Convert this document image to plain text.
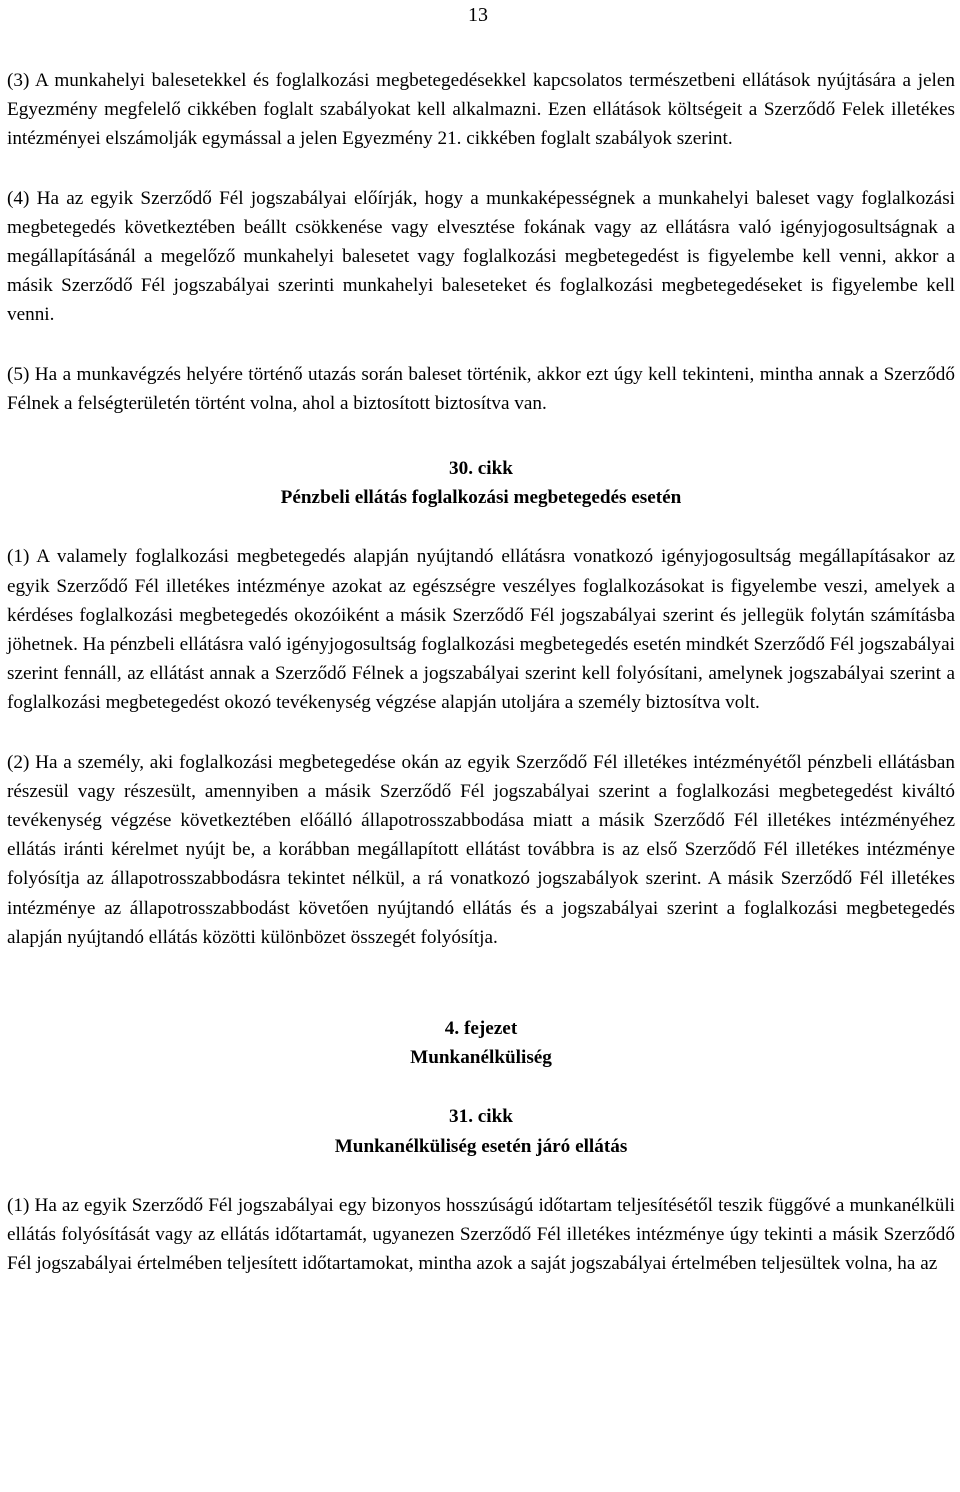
13

(3) A munkahelyi balesetekkel és foglalkozási megbetegedésekkel kapcsolatos természetbeni ellátások nyújtására a jelen Egyezmény megfelelő cikkében foglalt szabályokat kell alkalmazni. Ezen ellátások költségeit a Szerződő Felek illetékes intézményei elszámolják egymással a jelen Egyezmény 21. cikkében foglalt szabályok szerint.

(4) Ha az egyik Szerződő Fél jogszabályai előírják, hogy a munkaképességnek a munkahelyi baleset vagy foglalkozási megbetegedés következtében beállt csökkenése vagy elvesztése fokának vagy az ellátásra való igényjogosultságnak a megállapításánál a megelőző munkahelyi balesetet vagy foglalkozási megbetegedést is figyelembe kell venni, akkor a másik Szerződő Fél jogszabályai szerinti munkahelyi baleseteket és foglalkozási megbetegedéseket is figyelembe kell venni.

(5) Ha a munkavégzés helyére történő utazás során baleset történik, akkor ezt úgy kell tekinteni, mintha annak a Szerződő Félnek a felségterületén történt volna, ahol a biztosított biztosítva van.

30. cikk

Pénzbeli ellátás foglalkozási megbetegedés esetén

(1) A valamely foglalkozási megbetegedés alapján nyújtandó ellátásra vonatkozó igényjogosultság megállapításakor az egyik Szerződő Fél illetékes intézménye azokat az egészségre veszélyes foglalkozásokat is figyelembe veszi, amelyek a kérdéses foglalkozási megbetegedés okozóiként a másik Szerződő Fél jogszabályai szerint és jellegük folytán számításba jöhetnek. Ha pénzbeli ellátásra való igényjogosultság foglalkozási megbetegedés esetén mindkét Szerződő Fél jogszabályai szerint fennáll, az ellátást annak a Szerződő Félnek a jogszabályai szerint kell folyósítani, amelynek jogszabályai szerint a foglalkozási megbetegedést okozó tevékenység végzése alapján utoljára a személy biztosítva volt.

(2) Ha a személy, aki foglalkozási megbetegedése okán az egyik Szerződő Fél illetékes intézményétől pénzbeli ellátásban részesül vagy részesült, amennyiben a másik Szerződő Fél jogszabályai szerint a foglalkozási megbetegedést kiváltó tevékenység végzése következtében előálló állapotrosszabbodása miatt a másik Szerződő Fél illetékes intézményéhez ellátás iránti kérelmet nyújt be, a korábban megállapított ellátást továbbra is az első Szerződő Fél illetékes intézménye folyósítja az állapotrosszabbodásra tekintet nélkül, a rá vonatkozó jogszabályok szerint. A másik Szerződő Fél illetékes intézménye az állapotrosszabbodást követően nyújtandó ellátás és a jogszabályai szerint a foglalkozási megbetegedés alapján nyújtandó ellátás közötti különbözet összegét folyósítja.

4. fejezet

Munkanélküliség

31. cikk

Munkanélküliség esetén járó ellátás

(1) Ha az egyik Szerződő Fél jogszabályai egy bizonyos hosszúságú időtartam teljesítésétől teszik függővé a munkanélküli ellátás folyósítását vagy az ellátás időtartamát, ugyanezen Szerződő Fél illetékes intézménye úgy tekinti a másik Szerződő Fél jogszabályai értelmében teljesített időtartamokat, mintha azok a saját jogszabályai értelmében teljesültek volna, ha az
